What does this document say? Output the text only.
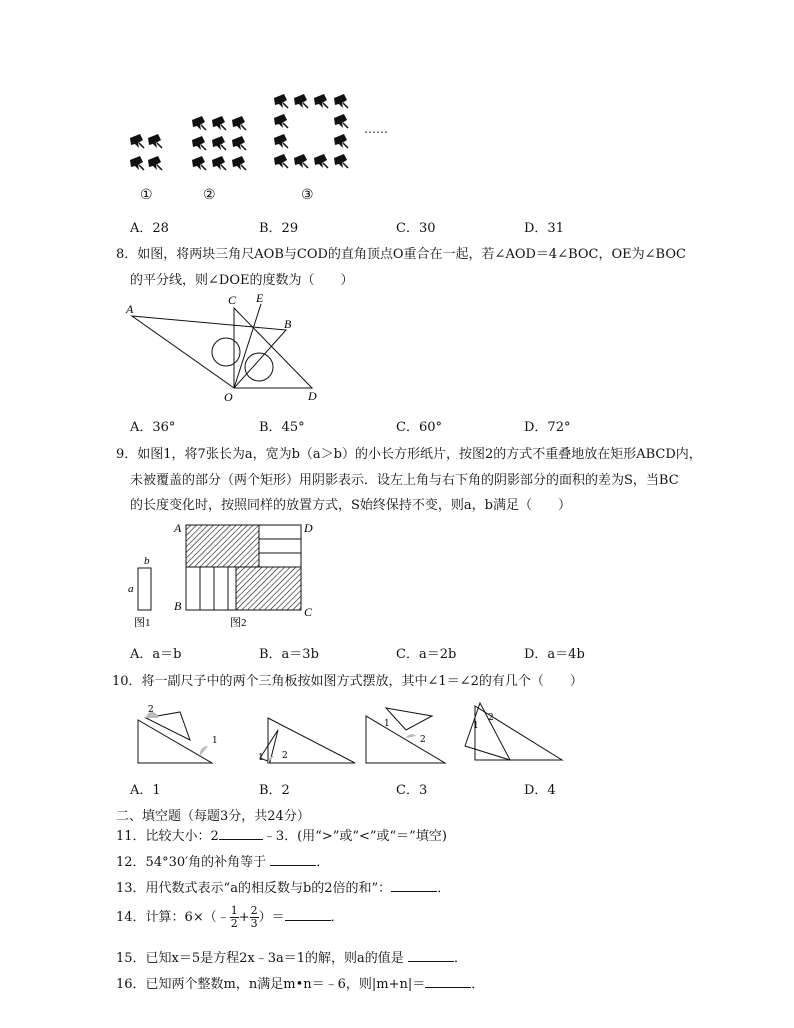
……
①	②	③
A．28	B．29	C．30	D．31
8．如图，将两块三角尺AOB与COD的直角顶点O重合在一起，若∠AOD＝4∠BOC，OE为∠BOC
的平分线，则∠DOE的度数为（　　）
A
C E
B
O	D
A．36°	B．45°	C．60°	D．72°
9．如图1，将7张长为a，宽为b（a＞b）的小长方形纸片，按图2的方式不重叠地放在矩形ABCD内，
未被覆盖的部分（两个矩形）用阴影表示．设左上角与右下角的阴影部分的面积的差为S，当BC
的长度变化时，按照同样的放置方式，S始终保持不变，则a，b满足（　　）
b
a
图1
A	D
B	C
图2
A．a＝b	B．a＝3b	C．a＝2b	D．a＝4b
10．将一副尺子中的两个三角板按如图方式摆放，其中∠1＝∠2的有几个（　　）
2
1
1 2
1
2
1
2
A．1	B．2	C．3	D．4
二、填空题（每题3分，共24分）
11．比较大小：2	﹣3．(用“>”或“<”或“＝”填空)
12．54°30′角的补角等于	．
13．用代数式表示“a的相反数与b的2倍的和”：	．
14．计算：6×（﹣ $\frac{1}{2} + \frac{2}{3}$ ）＝	．
15．已知x＝5是方程2x﹣3a＝1的解，则a的值是	．
16．已知两个整数m，n满足m•n＝﹣6，则|m+n|＝	．
